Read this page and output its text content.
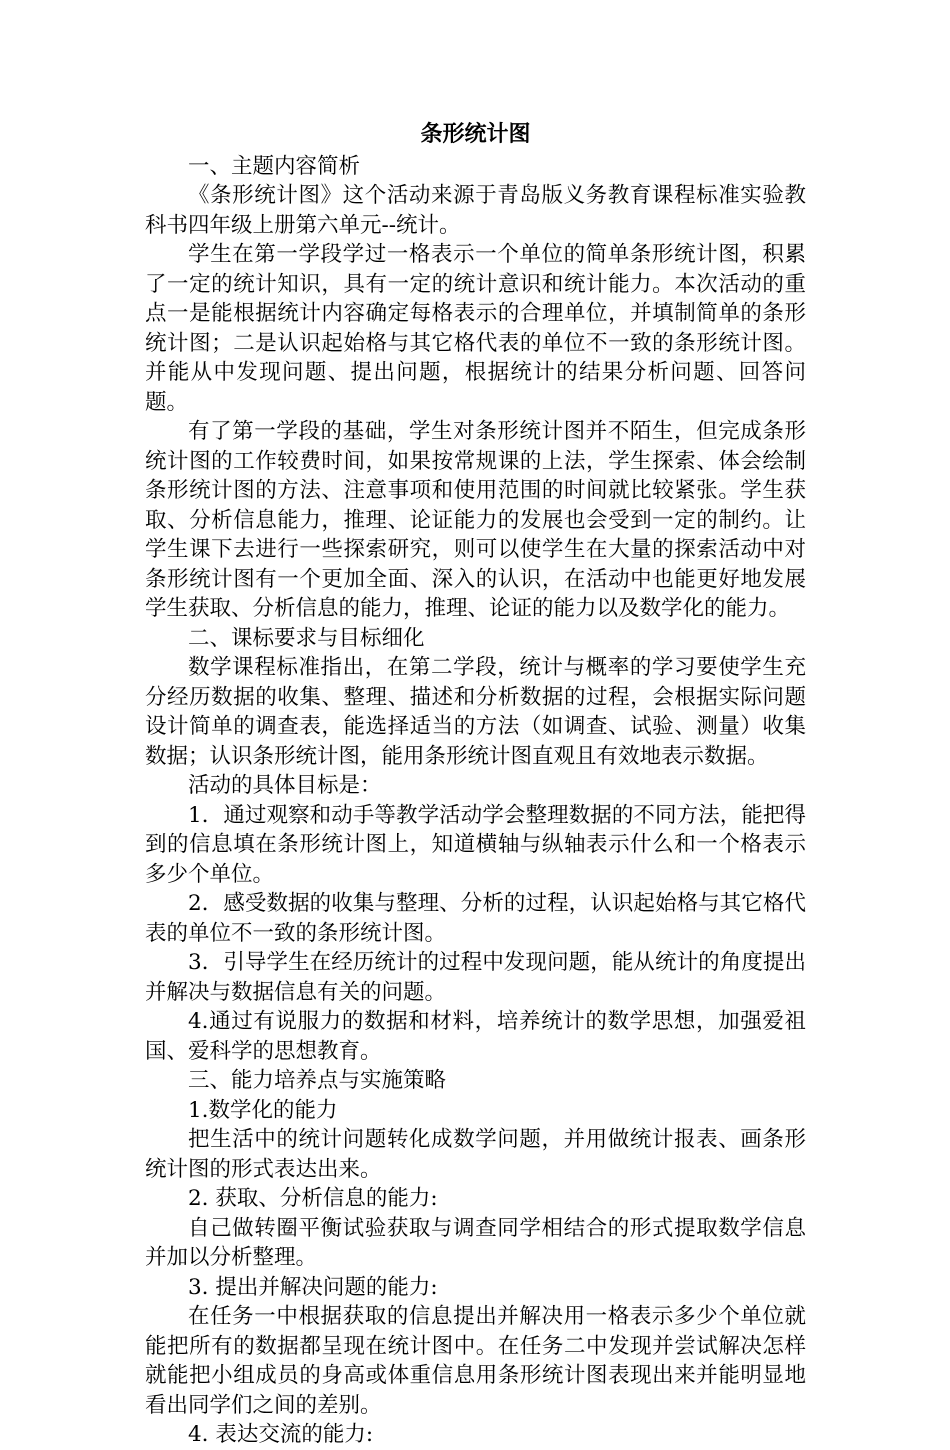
条形统计图
一、主题内容简析
《条形统计图》这个活动来源于青岛版义务教育课程标准实验教科书四年级上册第六单元--统计。
学生在第一学段学过一格表示一个单位的简单条形统计图，积累了一定的统计知识，具有一定的统计意识和统计能力。本次活动的重点一是能根据统计内容确定每格表示的合理单位，并填制简单的条形统计图；二是认识起始格与其它格代表的单位不一致的条形统计图。并能从中发现问题、提出问题，根据统计的结果分析问题、回答问题。
有了第一学段的基础，学生对条形统计图并不陌生，但完成条形统计图的工作较费时间，如果按常规课的上法，学生探索、体会绘制条形统计图的方法、注意事项和使用范围的时间就比较紧张。学生获取、分析信息能力，推理、论证能力的发展也会受到一定的制约。让学生课下去进行一些探索研究，则可以使学生在大量的探索活动中对条形统计图有一个更加全面、深入的认识，在活动中也能更好地发展学生获取、分析信息的能力，推理、论证的能力以及数学化的能力。
二、课标要求与目标细化
数学课程标准指出，在第二学段，统计与概率的学习要使学生充分经历数据的收集、整理、描述和分析数据的过程，会根据实际问题设计简单的调查表，能选择适当的方法（如调查、试验、测量）收集数据；认识条形统计图，能用条形统计图直观且有效地表示数据。
活动的具体目标是：
1．通过观察和动手等教学活动学会整理数据的不同方法，能把得到的信息填在条形统计图上，知道横轴与纵轴表示什么和一个格表示多少个单位。
2．感受数据的收集与整理、分析的过程，认识起始格与其它格代表的单位不一致的条形统计图。
3．引导学生在经历统计的过程中发现问题，能从统计的角度提出并解决与数据信息有关的问题。
4.通过有说服力的数据和材料，培养统计的数学思想，加强爱祖国、爱科学的思想教育。
三、能力培养点与实施策略
1.数学化的能力
把生活中的统计问题转化成数学问题，并用做统计报表、画条形统计图的形式表达出来。
2. 获取、分析信息的能力:
自己做转圈平衡试验获取与调查同学相结合的形式提取数学信息并加以分析整理。
3. 提出并解决问题的能力:
在任务一中根据获取的信息提出并解决用一格表示多少个单位就能把所有的数据都呈现在统计图中。在任务二中发现并尝试解决怎样就能把小组成员的身高或体重信息用条形统计图表现出来并能明显地看出同学们之间的差别。
4. 表达交流的能力:
